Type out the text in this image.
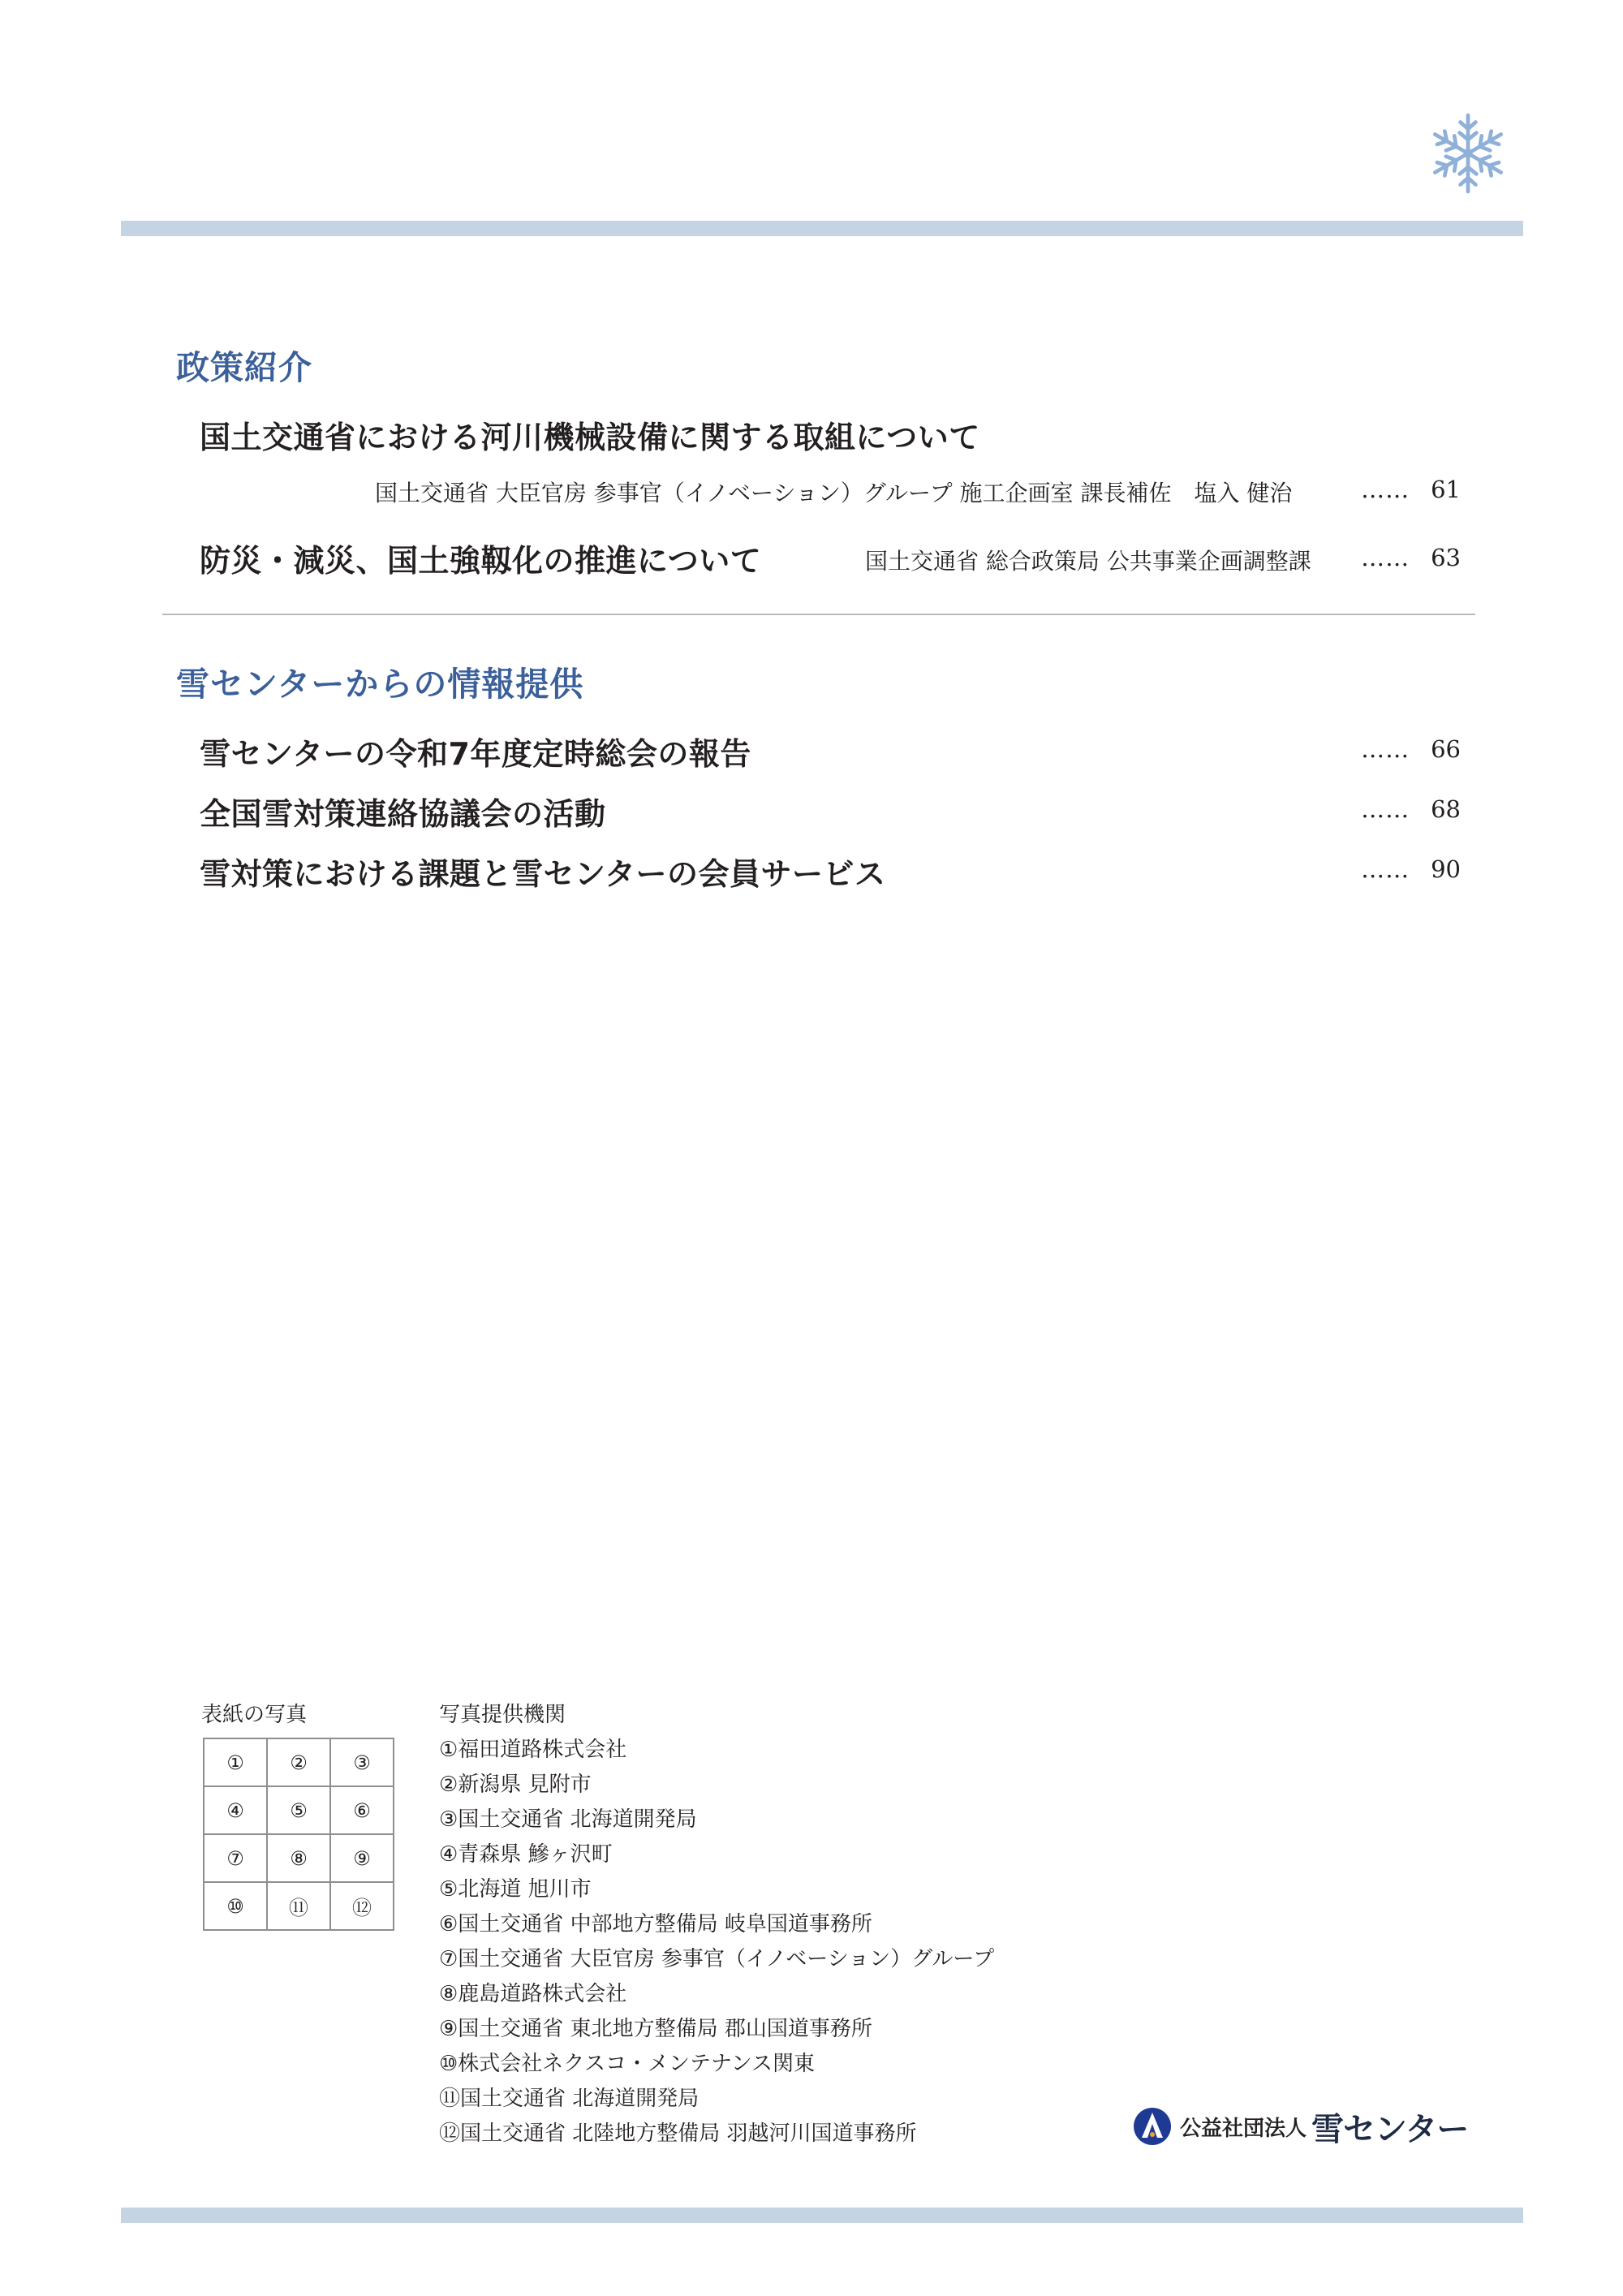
政策紹介
国土交通省における河川機械設備に関する取組について
国土交通省 大臣官房 参事官（イノベーション）グループ 施工企画室 課長補佐　塩入 健治	…… 61
防災・減災、国土強靱化の推進について	国土交通省 総合政策局 公共事業企画調整課 …… 63
雪センターからの情報提供
雪センターの令和7年度定時総会の報告	…… 66
全国雪対策連絡協議会の活動	…… 68
雪対策における課題と雪センターの会員サービス	…… 90
表紙の写真
①	②	③
④	⑤	⑥
⑦	⑧	⑨
⑩	⑪	⑫
写真提供機関
①福田道路株式会社
②新潟県 見附市
③国土交通省 北海道開発局
④青森県 鰺ヶ沢町
⑤北海道 旭川市
⑥国土交通省 中部地方整備局 岐阜国道事務所
⑦国土交通省 大臣官房 参事官（イノベーション）グループ
⑧鹿島道路株式会社
⑨国土交通省 東北地方整備局 郡山国道事務所
⑩株式会社ネクスコ・メンテナンス関東
⑪国土交通省 北海道開発局
⑫国土交通省 北陸地方整備局 羽越河川国道事務所	公益社団法人 雪センター
